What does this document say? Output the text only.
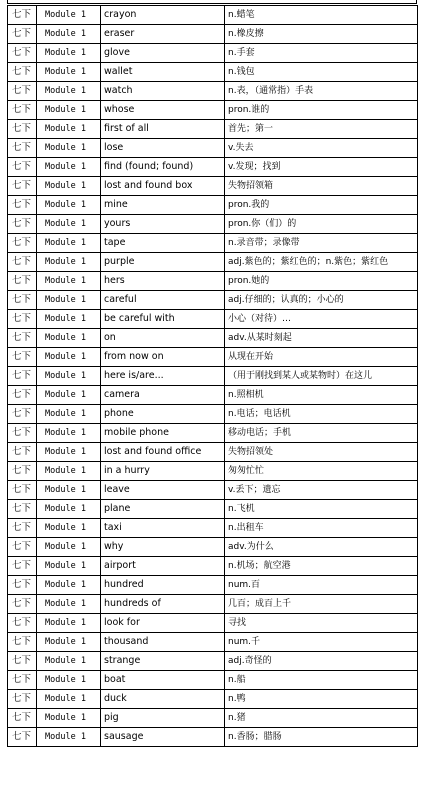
七下	Module 1	crayon	n.蜡笔
七下	Module 1	eraser	n.橡皮擦
七下	Module 1	glove	n.手套
七下	Module 1	wallet	n.钱包
七下	Module 1	watch	n.表，（通常指）手表
七下	Module 1	whose	pron.谁的
七下	Module 1	first of all	首先；第一
七下	Module 1	lose	v.失去
七下	Module 1	find (found; found)	v.发现；找到
七下	Module 1	lost and found box	失物招领箱
七下	Module 1	mine	pron.我的
七下	Module 1	yours	pron.你（们）的
七下	Module 1	tape	n.录音带；录像带
七下	Module 1	purple	adj.紫色的；紫红色的；n.紫色；紫红色
七下	Module 1	hers	pron.她的
七下	Module 1	careful	adj.仔细的；认真的；小心的
七下	Module 1	be careful with	小心（对待）…
七下	Module 1	on	adv.从某时刻起
七下	Module 1	from now on	从现在开始
七下	Module 1	here is/are...	（用于刚找到某人或某物时）在这儿
七下	Module 1	camera	n.照相机
七下	Module 1	phone	n.电话；电话机
七下	Module 1	mobile phone	移动电话；手机
七下	Module 1	lost and found office	失物招领处
七下	Module 1	in a hurry	匆匆忙忙
七下	Module 1	leave	v.丢下；遗忘
七下	Module 1	plane	n.飞机
七下	Module 1	taxi	n.出租车
七下	Module 1	why	adv.为什么
七下	Module 1	airport	n.机场；航空港
七下	Module 1	hundred	num.百
七下	Module 1	hundreds of	几百；成百上千
七下	Module 1	look for	寻找
七下	Module 1	thousand	num.千
七下	Module 1	strange	adj.奇怪的
七下	Module 1	boat	n.船
七下	Module 1	duck	n.鸭
七下	Module 1	pig	n.猪
七下	Module 1	sausage	n.香肠；腊肠
